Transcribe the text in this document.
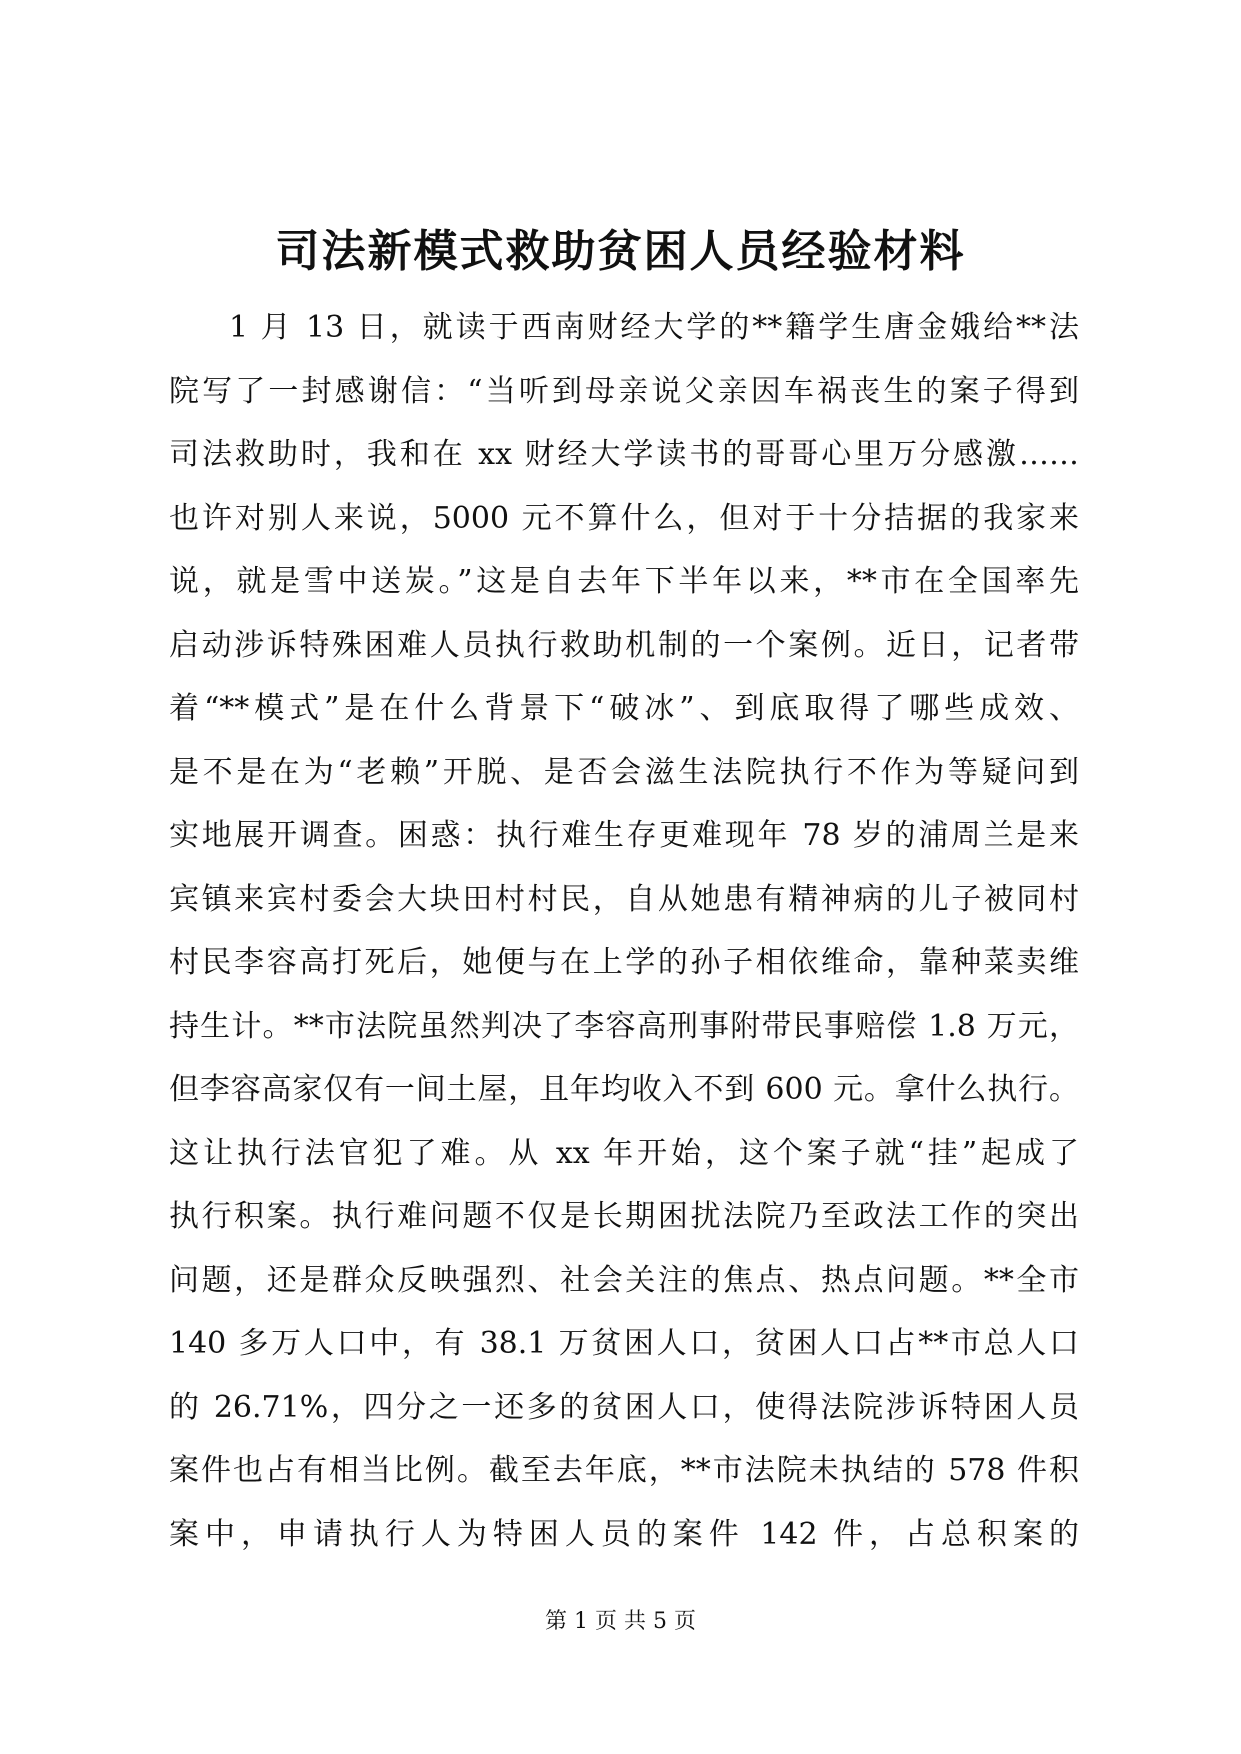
司法新模式救助贫困人员经验材料
1 月 13 日，就读于西南财经大学的**籍学生唐金娥给**法
院写了一封感谢信：“当听到母亲说父亲因车祸丧生的案子得到
司法救助时，我和在 xx 财经大学读书的哥哥心里万分感激……
也许对别人来说，5000 元不算什么，但对于十分拮据的我家来
说，就是雪中送炭。”这是自去年下半年以来，**市在全国率先
启动涉诉特殊困难人员执行救助机制的一个案例。近日，记者带
着“**模式”是在什么背景下“破冰”、到底取得了哪些成效、
是不是在为“老赖”开脱、是否会滋生法院执行不作为等疑问到
实地展开调查。困惑：执行难生存更难现年 78 岁的浦周兰是来
宾镇来宾村委会大块田村村民，自从她患有精神病的儿子被同村
村民李容高打死后，她便与在上学的孙子相依维命，靠种菜卖维
持生计。**市法院虽然判决了李容高刑事附带民事赔偿 1.8 万元，
但李容高家仅有一间土屋，且年均收入不到 600 元。拿什么执行。
这让执行法官犯了难。从 xx 年开始，这个案子就“挂”起成了
执行积案。执行难问题不仅是长期困扰法院乃至政法工作的突出
问题，还是群众反映强烈、社会关注的焦点、热点问题。**全市
140 多万人口中，有 38.1 万贫困人口，贫困人口占**市总人口
的 26.71%，四分之一还多的贫困人口，使得法院涉诉特困人员
案件也占有相当比例。截至去年底，**市法院未执结的 578 件积
案中，申请执行人为特困人员的案件 142 件，占总积案的
第 1 页 共 5 页
